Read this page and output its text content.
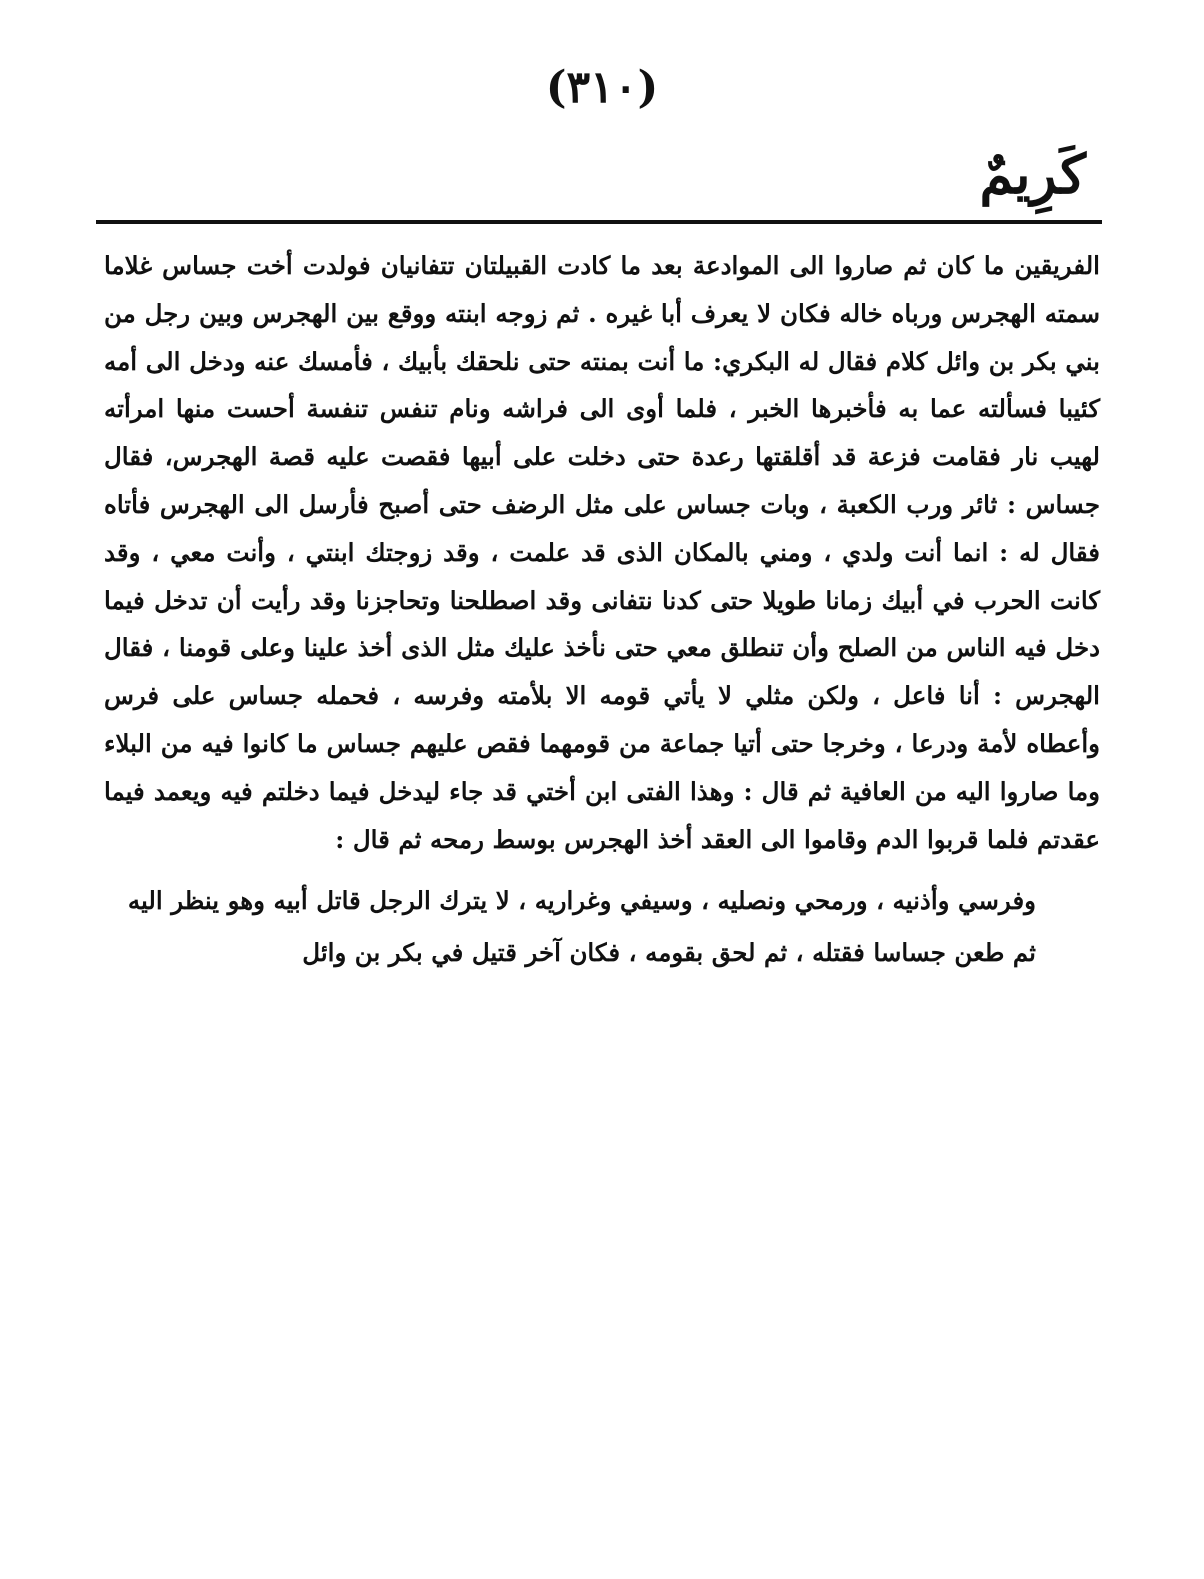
(٣١٠)
كَرِيمٌ

الفريقين ما كان ثم صاروا الى الموادعة بعد ما كادت القبيلتان تتفانيان فولدت أخت جساس غلاما سمته الهجرس ورباه خاله فكان لا يعرف أبا غيره . ثم زوجه ابنته ووقع بين الهجرس وبين رجل من بني بكر بن وائل كلام فقال له البكري: ما أنت بمنته حتى نلحقك بأبيك ، فأمسك عنه ودخل الى أمه كئيبا فسألته عما به فأخبرها الخبر ، فلما أوى الى فراشه ونام تنفس تنفسة أحست منها امرأته لهيب نار فقامت فزعة قد أقلقتها رعدة حتى دخلت على أبيها فقصت عليه قصة الهجرس، فقال جساس : ثائر ورب الكعبة ، وبات جساس على مثل الرضف حتى أصبح فأرسل الى الهجرس فأتاه فقال له : انما أنت ولدي ، ومني بالمكان الذى قد علمت ، وقد زوجتك ابنتي ، وأنت معي ، وقد كانت الحرب في أبيك زمانا طويلا حتى كدنا نتفانى وقد اصطلحنا وتحاجزنا وقد رأيت أن تدخل فيما دخل فيه الناس من الصلح وأن تنطلق معي حتى نأخذ عليك مثل الذى أخذ علينا وعلى قومنا ، فقال الهجرس : أنا فاعل ، ولكن مثلي لا يأتي قومه الا بلأمته وفرسه ، فحمله جساس على فرس وأعطاه لأمة ودرعا ، وخرجا حتى أتيا جماعة من قومهما فقص عليهم جساس ما كانوا فيه من البلاء وما صاروا اليه من العافية ثم قال : وهذا الفتى ابن أختي قد جاء ليدخل فيما دخلتم فيه ويعمد فيما عقدتم فلما قربوا الدم وقاموا الى العقد أخذ الهجرس بوسط رمحه ثم قال :

وفرسي وأذنيه ، ورمحي ونصليه ، وسيفي وغراريه ، لا يترك الرجل قاتل أبيه وهو ينظر اليه

ثم طعن جساسا فقتله ، ثم لحق بقومه ، فكان آخر قتيل في بكر بن وائل
